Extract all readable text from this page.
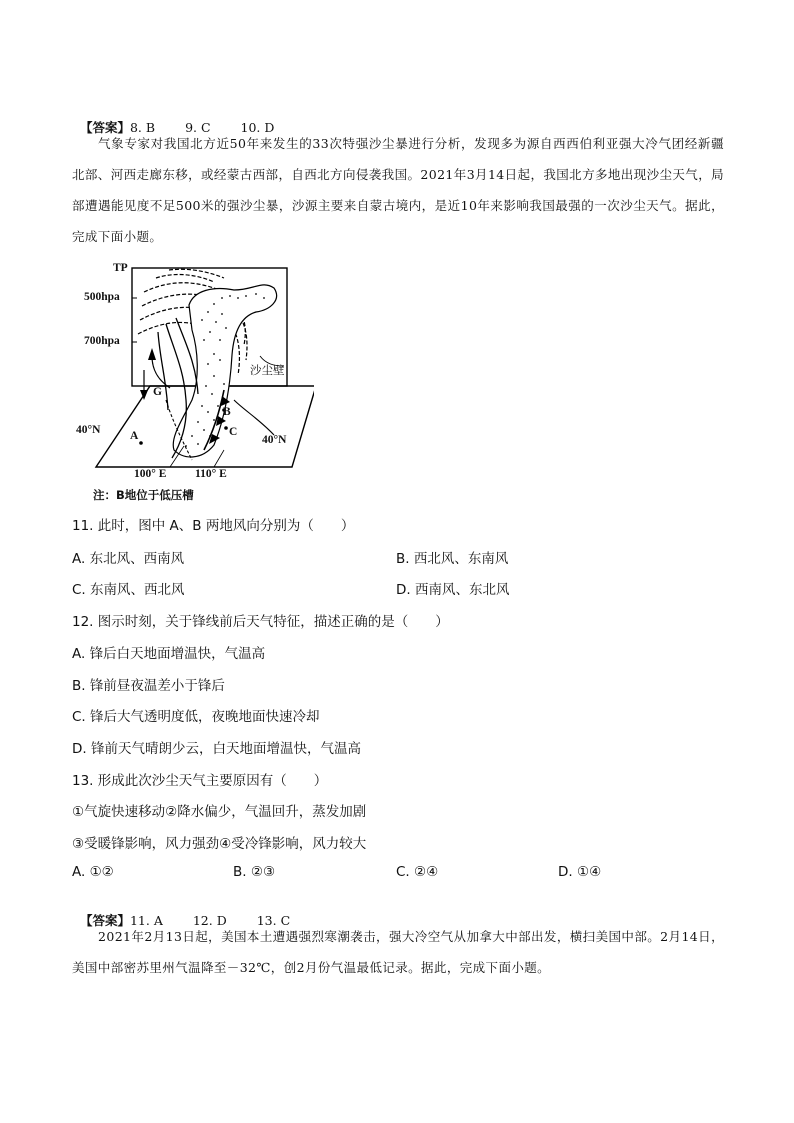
【答案】8. B 9. C 10. D

气象专家对我国北方近50年来发生的33次特强沙尘暴进行分析，发现多为源自西西伯利亚强大冷气团经新疆北部、河西走廊东移，或经蒙古西部，自西北方向侵袭我国。2021年3月14日起，我国北方多地出现沙尘天气，局部遭遇能见度不足500米的强沙尘暴，沙源主要来自蒙古境内，是近10年来影响我国最强的一次沙尘天气。据此，完成下面小题。
TP
500hpa
700hpa
沙尘壁
G
B
C
A
40°N
40°N
100° E 110° E
注：B地位于低压槽
11. 此时，图中 A、B 两地风向分别为（　　）
A. 东北风、西南风	B. 西北风、东南风
C. 东南风、西北风	D. 西南风、东北风
12. 图示时刻，关于锋线前后天气特征，描述正确的是（　　）
A. 锋后白天地面增温快，气温高
B. 锋前昼夜温差小于锋后
C. 锋后大气透明度低，夜晚地面快速冷却
D. 锋前天气晴朗少云，白天地面增温快，气温高
13. 形成此次沙尘天气主要原因有（　　）
①气旋快速移动②降水偏少，气温回升，蒸发加剧
③受暖锋影响，风力强劲④受冷锋影响，风力较大
A. ①②	B. ②③	C. ②④	D. ①④

【答案】11. A 12. D 13. C

2021年2月13日起，美国本土遭遇强烈寒潮袭击，强大冷空气从加拿大中部出发，横扫美国中部。2月14日，美国中部密苏里州气温降至－32℃，创2月份气温最低记录。据此，完成下面小题。
